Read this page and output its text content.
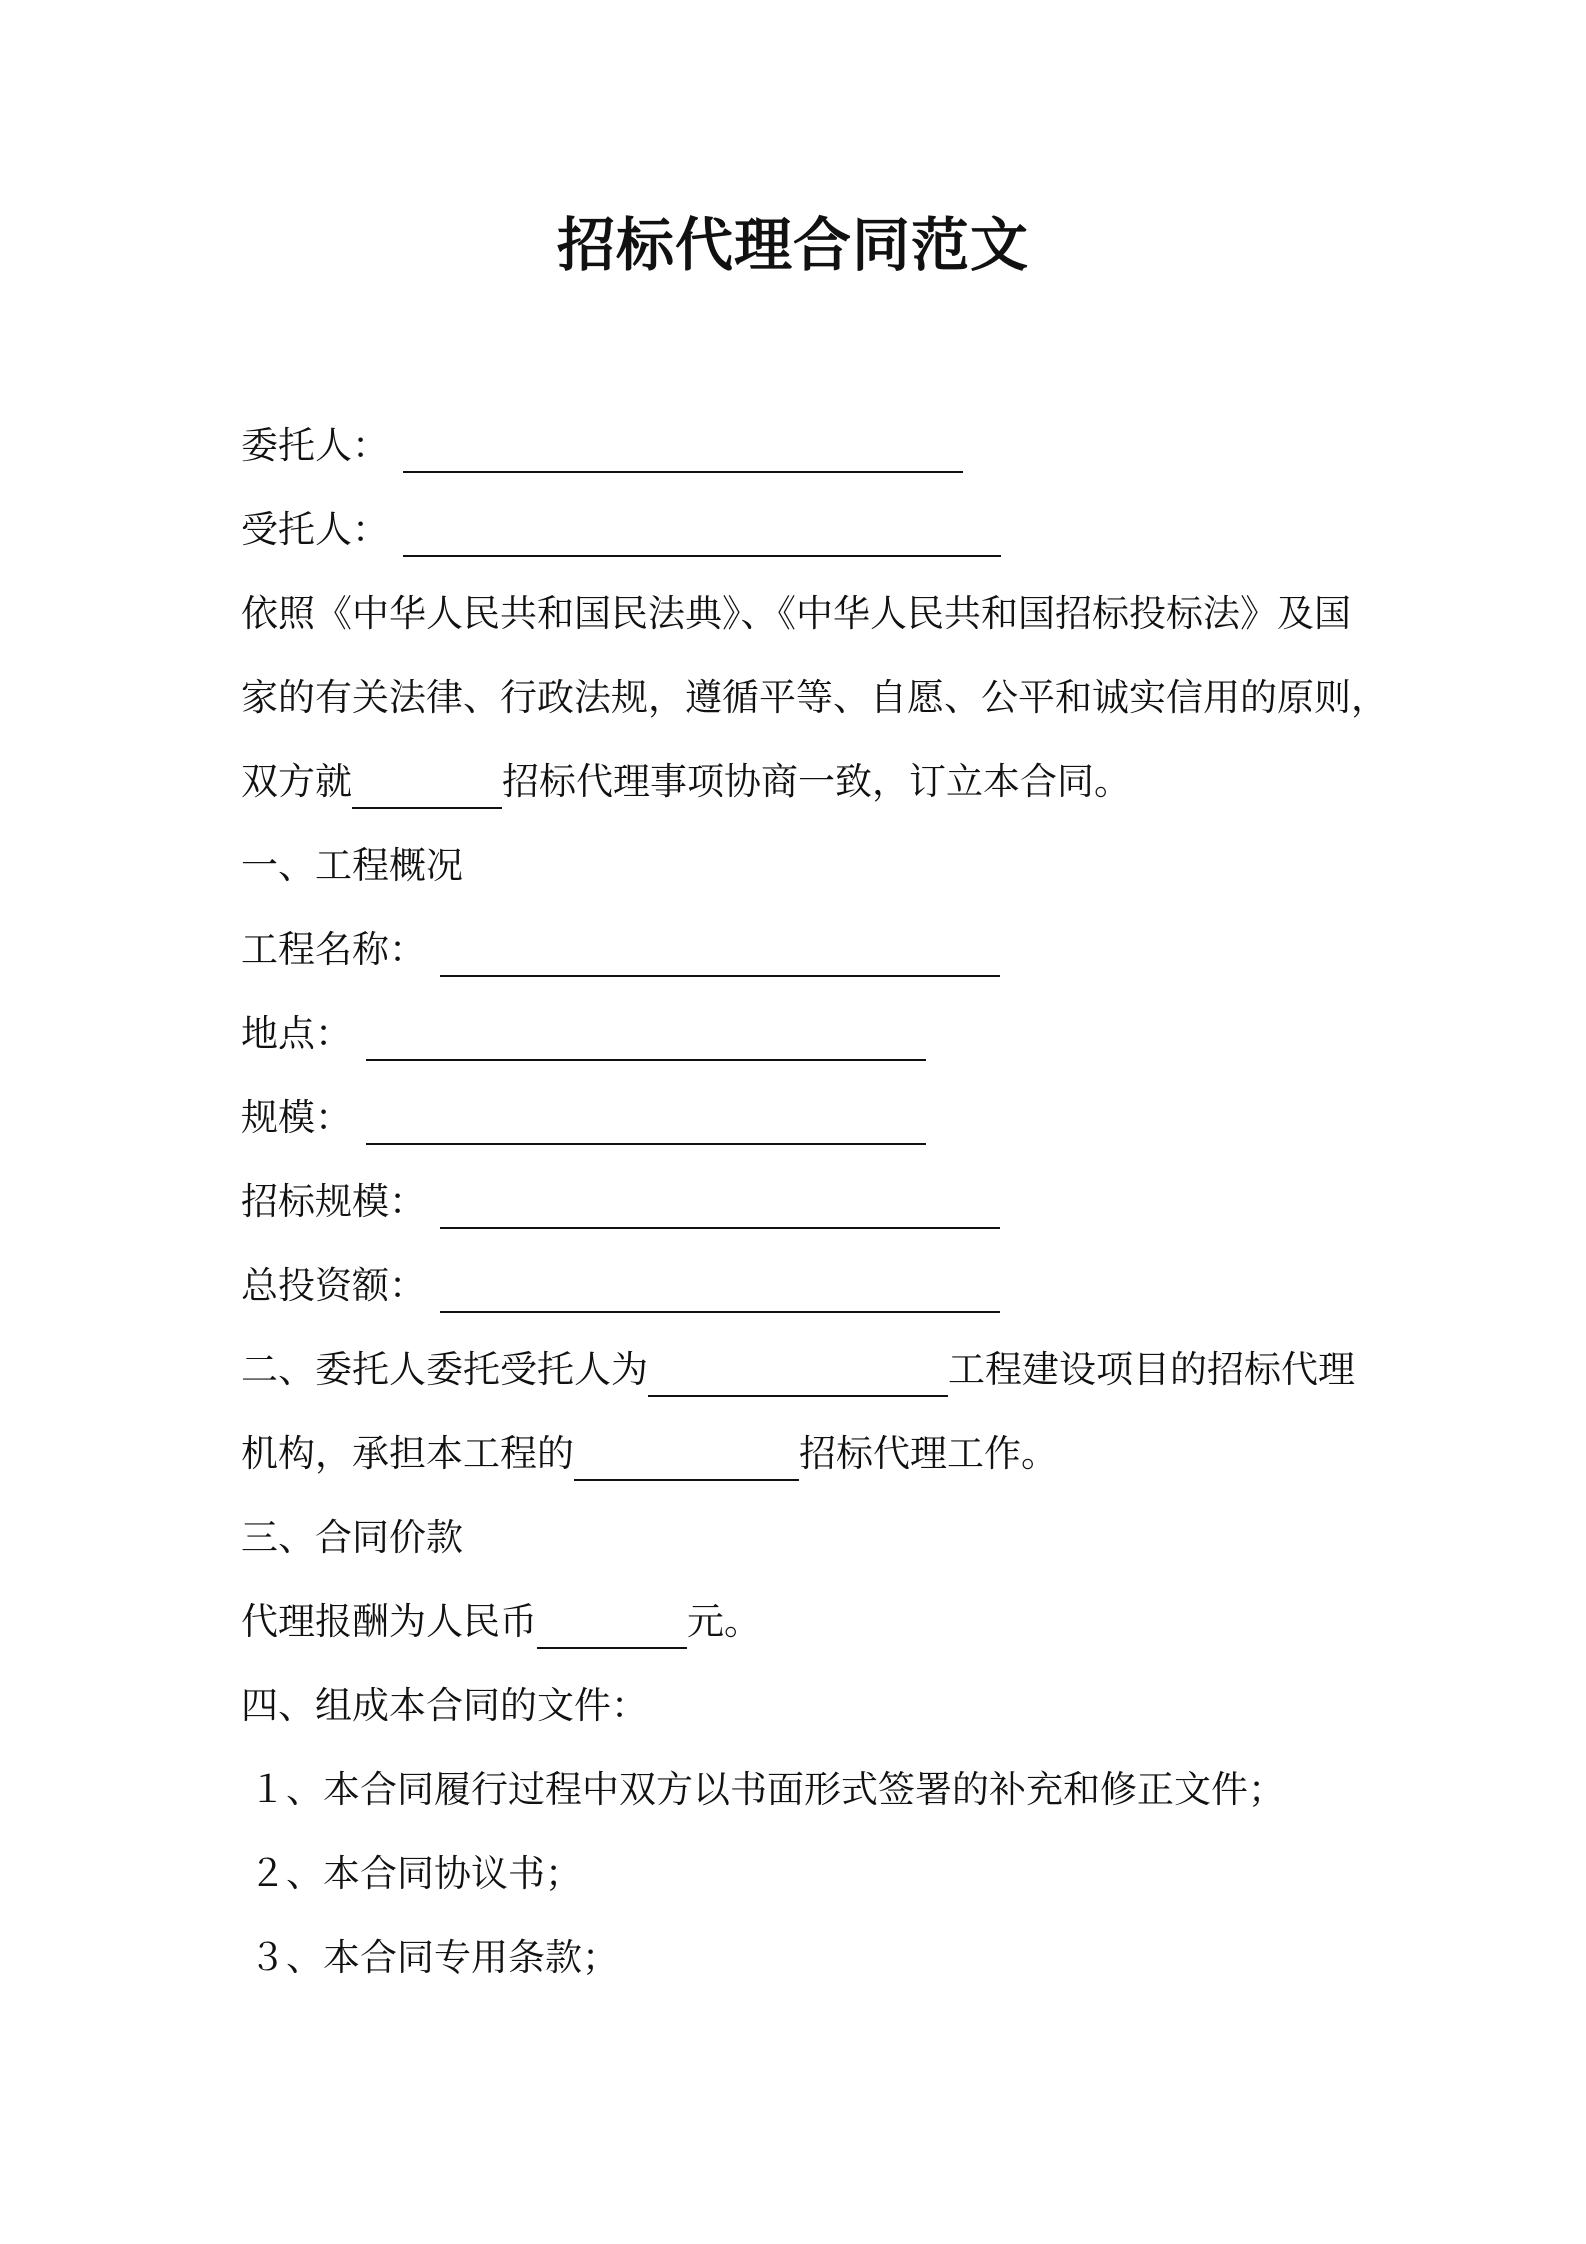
招标代理合同范文
委托人：
受托人：
依照《中华人民共和国民法典》、《中华人民共和国招标投标法》及国
家的有关法律、行政法规，遵循平等、自愿、公平和诚实信用的原则，
双方就	招标代理事项协商一致，订立本合同。
一、工程概况
工程名称：
地点：
规模：
招标规模：
总投资额：
二、委托人委托受托人为	工程建设项目的招标代理
机构，承担本工程的	招标代理工作。
三、合同价款
代理报酬为人民币	元。
四、组成本合同的文件：
１、本合同履行过程中双方以书面形式签署的补充和修正文件；
２、本合同协议书；
３、本合同专用条款；
